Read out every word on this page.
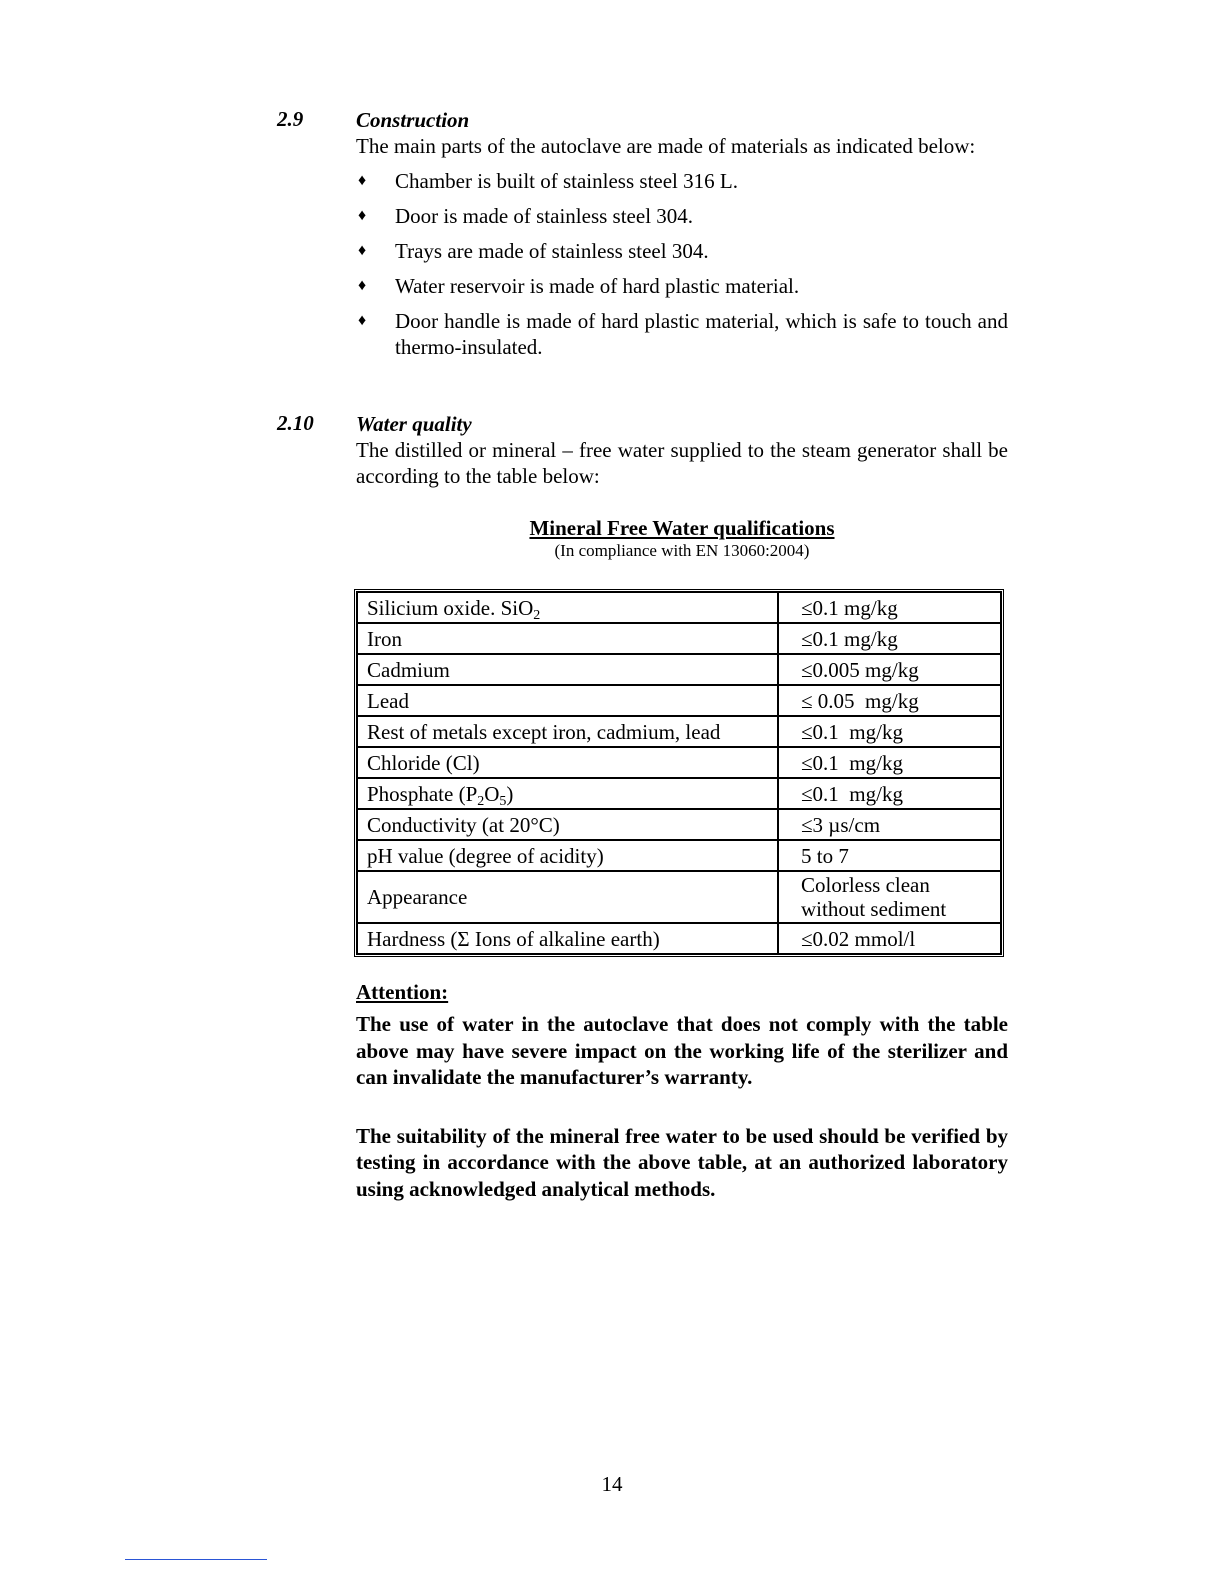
2.9	Construction
The main parts of the autoclave are made of materials as indicated below:
♦ Chamber is built of stainless steel 316 L.
♦ Door is made of stainless steel 304.
♦ Trays are made of stainless steel 304.
♦ Water reservoir is made of hard plastic material.
♦ Door handle is made of hard plastic material, which is safe to touch and thermo-insulated.
2.10 Water quality
The distilled or mineral – free water supplied to the steam generator shall be according to the table below:
Mineral Free Water qualifications
(In compliance with EN 13060:2004)
Silicium oxide. SiO$_2$	≤0.1 mg/kg
Iron	≤0.1 mg/kg
Cadmium	≤0.005 mg/kg
Lead	≤ 0.05  mg/kg
Rest of metals except iron, cadmium, lead	≤0.1  mg/kg
Chloride (Cl)	≤0.1  mg/kg
Phosphate $(P_2O_5)$	≤0.1  mg/kg
Conductivity (at 20°C)	≤3 µs/cm
pH value (degree of acidity)	5 to 7
Appearance	Colorless clean
without sediment

Hardness (Σ Ions of alkaline earth)	≤0.02 mmol/l
Attention:
The use of water in the autoclave that does not comply with the table above may have severe impact on the working life of the sterilizer and can invalidate the manufacturer’s warranty.
The suitability of the mineral free water to be used should be verified by testing in accordance with the above table, at an authorized laboratory using acknowledged analytical methods.
14
